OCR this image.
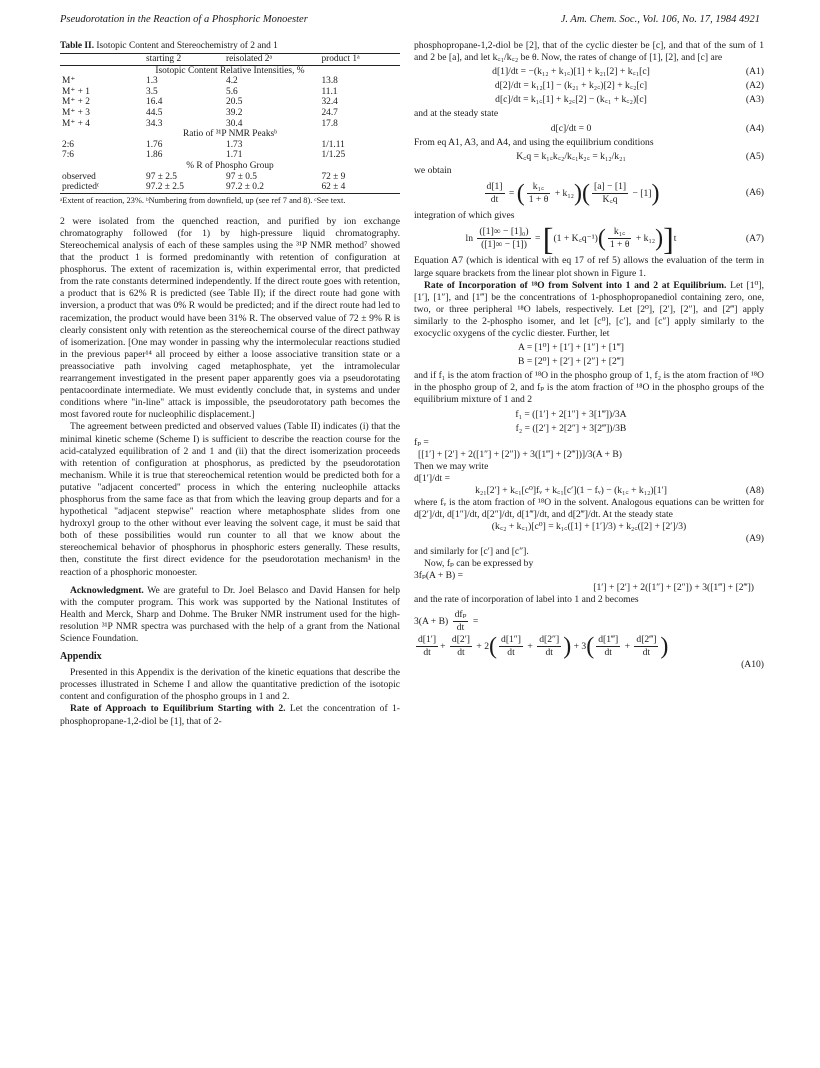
Pseudorotation in the Reaction of a Phosphoric Monoester	J. Am. Chem. Soc., Vol. 106, No. 17, 1984 4921
Table II. Isotopic Content and Stereochemistry of 2 and 1
	starting 2	reisolated 2ᵃ	product 1ᵃ
Isotopic Content Relative Intensities, %			
M⁺	1.3	4.2	13.8
M⁺ + 1	3.5	5.6	11.1
M⁺ + 2	16.4	20.5	32.4
M⁺ + 3	44.5	39.2	24.7
M⁺ + 4	34.3	30.4	17.8
Ratio of ³¹P NMR Peaksᵇ			
2:6	1.76	1.73	1/1.11
7:6	1.86	1.71	1/1.25
% R of Phospho Group			
observed	97 ± 2.5	97 ± 0.5	72 ± 9
predictedᶜ	97.2 ± 2.5	97.2 ± 0.2	62 ± 4

ᵃExtent of reaction, 23%. ᵇNumbering from downfield, up (see ref 7 and 8). ᶜSee text.

2 were isolated from the quenched reaction, and purified by ion exchange chromatography followed (for 1) by high-pressure liquid chromatography. Stereochemical analysis of each of these samples using the ³¹P NMR method⁷ showed that the product 1 is formed predominantly with retention of configuration at phosphorus. The extent of racemization is, within experimental error, that predicted from the rate constants determined independently. If the direct route goes with retention, a product that is 62% R is predicted (see Table II); if the direct route had gone with inversion, a product that was 0% R would be predicted; and if the direct route had led to racemization, the product would have been 31% R. The observed value of 72 ± 9% R is clearly consistent only with retention as the stereochemical course of the direct pathway of isomerization. [One may wonder in passing why the intermolecular reactions studied in the previous paper¹⁴ all proceed by either a loose associative transition state or a preassociative path involving caged metaphosphate, yet the intramolecular rearrangement investigated in the present paper apparently goes via a pseudorotating pentacoordinate intermediate. We must evidently conclude that, in systems and under conditions where "in-line" attack is impossible, the pseudorotatory path becomes the most favored route for nucleophilic displacement.]

The agreement between predicted and observed values (Table II) indicates (i) that the minimal kinetic scheme (Scheme I) is sufficient to describe the reaction course for the acid-catalyzed equilibration of 2 and 1 and (ii) that the direct isomerization proceeds with retention of configuration at phosphorus, as predicted by the pseudorotation mechanism. While it is true that stereochemical retention would be predicted both for a putative "adjacent concerted" process in which the entering nucleophile attacks phosphorus from the same face as that from which the leaving group departs and for a hypothetical "adjacent stepwise" reaction where metaphosphate slides from one hydroxyl group to the other without ever leaving the solvent cage, it must be said that both of these possibilities would run counter to all that we know about the stereochemical behavior of phosphorus in phosphoric esters generally. These results, then, constitute the first direct evidence for the pseudorotation mechanism¹ in the reaction of a phosphoric monoester.

Acknowledgment. We are grateful to Dr. Joel Belasco and David Hansen for help with the computer program. This work was supported by the National Institutes of Health and Merck, Sharp and Dohme. The Bruker NMR instrument used for the high-resolution ³¹P NMR spectra was purchased with the help of a grant from the National Science Foundation.

Appendix

Presented in this Appendix is the derivation of the kinetic equations that describe the processes illustrated in Scheme I and allow the quantitative prediction of the isotopic content and configuration of the phospho groups in 1 and 2.

Rate of Approach to Equilibrium Starting with 2. Let the concentration of 1-phosphopropane-1,2-diol be [1], that of 2-

phosphopropane-1,2-diol be [2], that of the cyclic diester be [c], and that of the sum of 1 and 2 be [a], and let k꜀₁/k꜀₂ be θ. Now, the rates of change of [1], [2], and [c] are

d[1]/dt = −(k₁₂ + k₁꜀)[1] + k₂₁[2] + k꜀₁[c]	(A1)
d[2]/dt = k₁₂[1] − (k₂₁ + k₂꜀)[2] + k꜀₂[c]	(A2)
d[c]/dt = k₁꜀[1] + k₂꜀[2] − (k꜀₁ + k꜀₂)[c]	(A3)

and at the steady state

d[c]/dt = 0	(A4)

From eq A1, A3, and A4, and using the equilibrium conditions

K꜀q = k₁꜀k꜀₂/k꜀₁k₂꜀ = k₁₂/k₂₁	(A5)

we obtain

$\frac{d[1]}{dt}$ = ( $\frac{\text{k₁꜀}}{1 + \theta} + k_{12})( \frac{[a] - [1]}{K꜀q} - [1])$	(A6)

integration of which gives

$\ln \frac{\text{([1]∞ − [1]₀)}}{([1]\infty - [1])} = [(1$ + K꜀q⁻¹)( $\frac{\text{k₁꜀}}{1 + \theta} + k_{12})]t$	(A7)

Equation A7 (which is identical with eq 17 of ref 5) allows the evaluation of the term in large square brackets from the linear plot shown in Figure 1.

Rate of Incorporation of ¹⁸O from Solvent into 1 and 2 at Equilibrium. Let [1⁰], [1′], [1″], and [1‴] be the concentrations of 1-phosphopropanediol containing zero, one, two, or three peripheral ¹⁸O labels, respectively. Let [2⁰], [2′], [2″], and [2‴] apply similarly to the 2-phospho isomer, and let [c⁰], [c′], and [c″] apply similarly to the exocyclic oxygens of the cyclic diester. Further, let

A = [1⁰] + [1′] + [1″] + [1‴]
B = [2⁰] + [2′] + [2″] + [2‴]

and if f₁ is the atom fraction of ¹⁸O in the phospho group of 1, f₂ is the atom fraction of ¹⁸O in the phospho group of 2, and fₚ is the atom fraction of ¹⁸O in the phospho groups of the equilibrium mixture of 1 and 2

f₁ = ([1′] + 2[1″] + 3[1‴])/3A
f₂ = ([2′] + 2[2″] + 3[2‴])/3B
fₚ =
[[1′] + [2′] + 2([1″] + [2″]) + 3([1‴] + [2‴])]/3(A + B)

Then we may write

d[1′]/dt =
k₂₁[2′] + k꜀₁[c⁰]fᵥ + k꜀₁[c′](1 − fᵥ) − (k₁꜀ + k₁₂)[1′]	(A8)

where fᵥ is the atom fraction of ¹⁸O in the solvent. Analogous equations can be written for d[2′]/dt, d[1″]/dt, d[2″]/dt, d[1‴]/dt, and d[2‴]/dt. At the steady state

(k꜀₂ + k꜀₁)[c⁰] = k₁꜀([1] + [1′]/3) + k₂꜀([2] + [2′]/3)
(A9)

and similarly for [c′] and [c″].

Now, fₚ can be expressed by

3fₚ(A + B) =
[1′] + [2′] + 2([1″] + [2″]) + 3([1‴] + [2‴])

and the rate of incorporation of label into 1 and 2 becomes

$3(A + B) \frac{\text{dfₚ}}{dt}$ =
$\frac{d[1']}{dt} + \frac{d[2']}{dt} + 2( \frac{d[1'']}{dt} + \frac{d[2'']}{dt}$ ) + $3( \frac{d[1‴]}{dt} + \frac{d[2‴]}{dt}$ )
(A10)
